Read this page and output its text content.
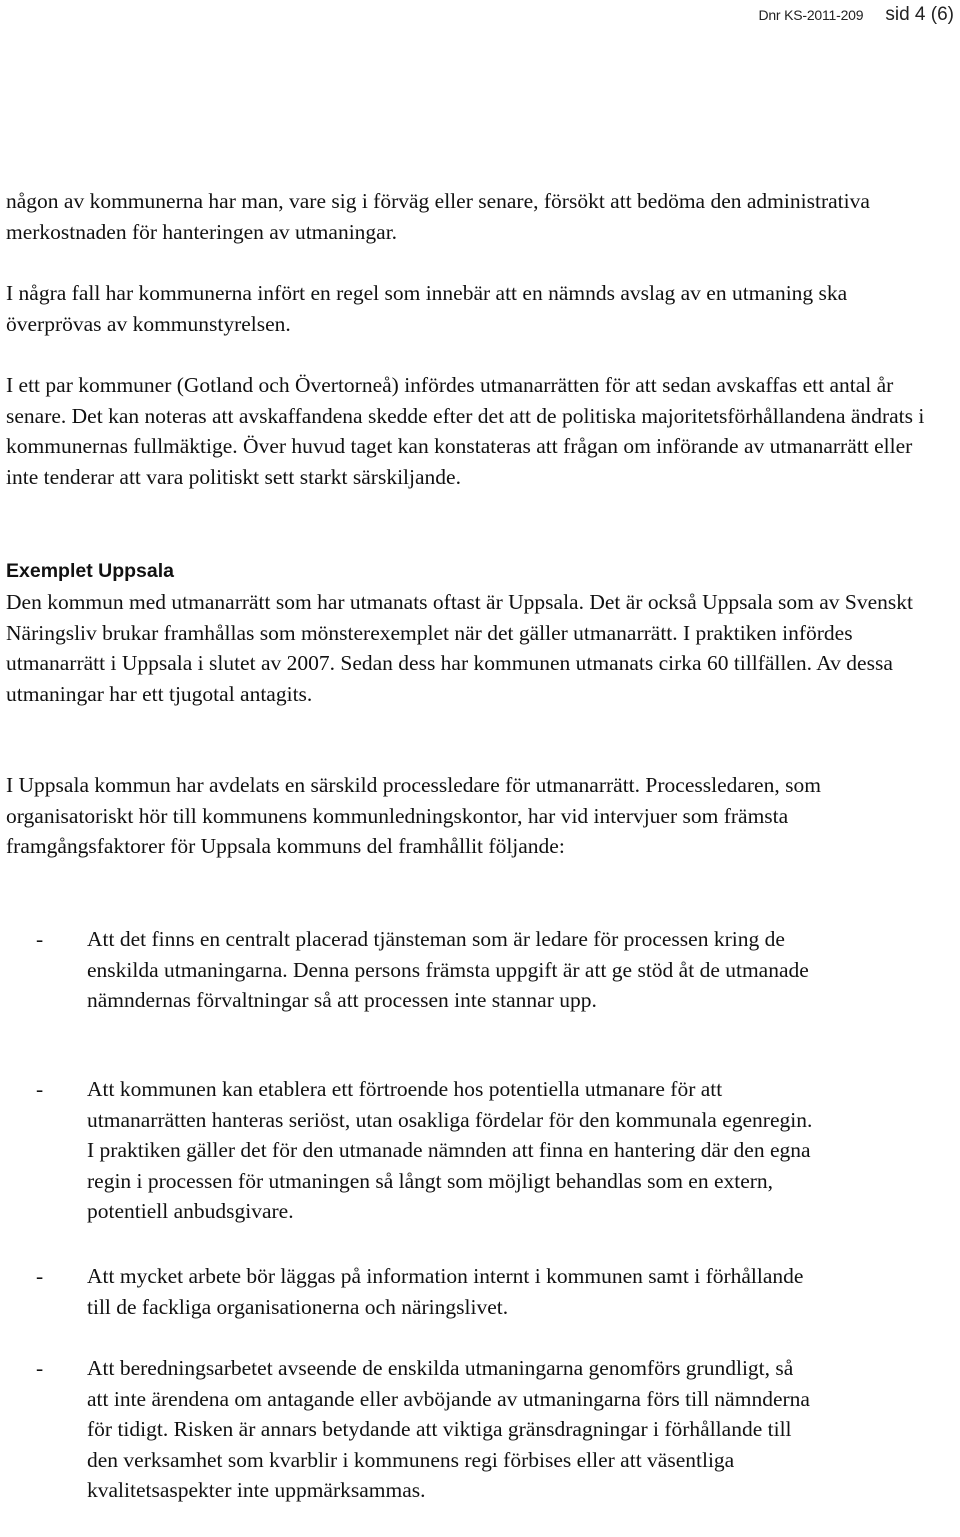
Dnr KS-2011-209 sid 4 (6)

någon av kommunerna har man, vare sig i förväg eller senare, försökt att bedöma den administrativa merkostnaden för hanteringen av utmaningar.

I några fall har kommunerna infört en regel som innebär att en nämnds avslag av en utmaning ska överprövas av kommunstyrelsen.

I ett par kommuner (Gotland och Övertorneå) infördes utmanarrätten för att sedan avskaffas ett antal år senare. Det kan noteras att avskaffandena skedde efter det att de politiska majoritetsförhållandena ändrats i kommunernas fullmäktige. Över huvud taget kan konstateras att frågan om införande av utmanarrätt eller inte tenderar att vara politiskt sett starkt särskiljande.

Exemplet Uppsala

Den kommun med utmanarrätt som har utmanats oftast är Uppsala. Det är också Uppsala som av Svenskt Näringsliv brukar framhållas som mönsterexemplet när det gäller utmanarrätt. I praktiken infördes utmanarrätt i Uppsala i slutet av 2007. Sedan dess har kommunen utmanats cirka 60 tillfällen. Av dessa utmaningar har ett tjugotal antagits.

I Uppsala kommun har avdelats en särskild processledare för utmanarrätt. Processledaren, som organisatoriskt hör till kommunens kommunledningskontor, har vid intervjuer som främsta framgångsfaktorer för Uppsala kommuns del framhållit följande:

- Att det finns en centralt placerad tjänsteman som är ledare för processen kring de enskilda utmaningarna. Denna persons främsta uppgift är att ge stöd åt de utmanade nämndernas förvaltningar så att processen inte stannar upp.

- Att kommunen kan etablera ett förtroende hos potentiella utmanare för att utmanarrätten hanteras seriöst, utan osakliga fördelar för den kommunala egenregin. I praktiken gäller det för den utmanade nämnden att finna en hantering där den egna regin i processen för utmaningen så långt som möjligt behandlas som en extern, potentiell anbudsgivare.

- Att mycket arbete bör läggas på information internt i kommunen samt i förhållande till de fackliga organisationerna och näringslivet.

- Att beredningsarbetet avseende de enskilda utmaningarna genomförs grundligt, så att inte ärendena om antagande eller avböjande av utmaningarna förs till nämnderna för tidigt. Risken är annars betydande att viktiga gränsdragningar i förhållande till den verksamhet som kvarblir i kommunens regi förbises eller att väsentliga kvalitetsaspekter inte uppmärksammas.
